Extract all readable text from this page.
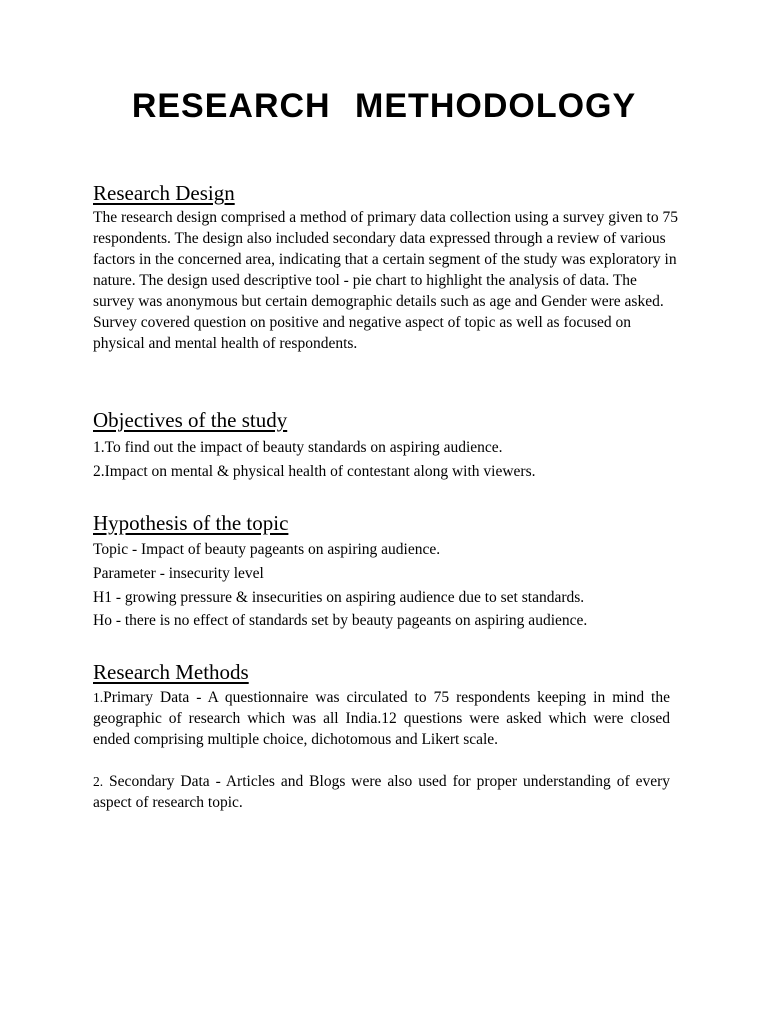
RESEARCH METHODOLOGY
Research Design

The research design comprised a method of primary data collection using a survey given to 75 respondents. The design also included secondary data expressed through a review of various factors in the concerned area, indicating that a certain segment of the study was exploratory in nature. The design used descriptive tool - pie chart to highlight the analysis of data. The survey was anonymous but certain demographic details such as age and Gender were asked. Survey covered question on positive and negative aspect of topic as well as focused on physical and mental health of respondents.

Objectives of the study

1.To find out the impact of beauty standards on aspiring audience.

2.Impact on mental & physical health of contestant along with viewers.

Hypothesis of the topic

Topic - Impact of beauty pageants on aspiring audience.

Parameter - insecurity level

H1 - growing pressure & insecurities on aspiring audience due to set standards.

Ho - there is no effect of standards set by beauty pageants on aspiring audience.

Research Methods

1.Primary Data - A questionnaire was circulated to 75 respondents keeping in mind the geographic of research which was all India.12 questions were asked which were closed ended comprising multiple choice, dichotomous and Likert scale.

2. Secondary Data - Articles and Blogs were also used for proper understanding of every aspect of research topic.
